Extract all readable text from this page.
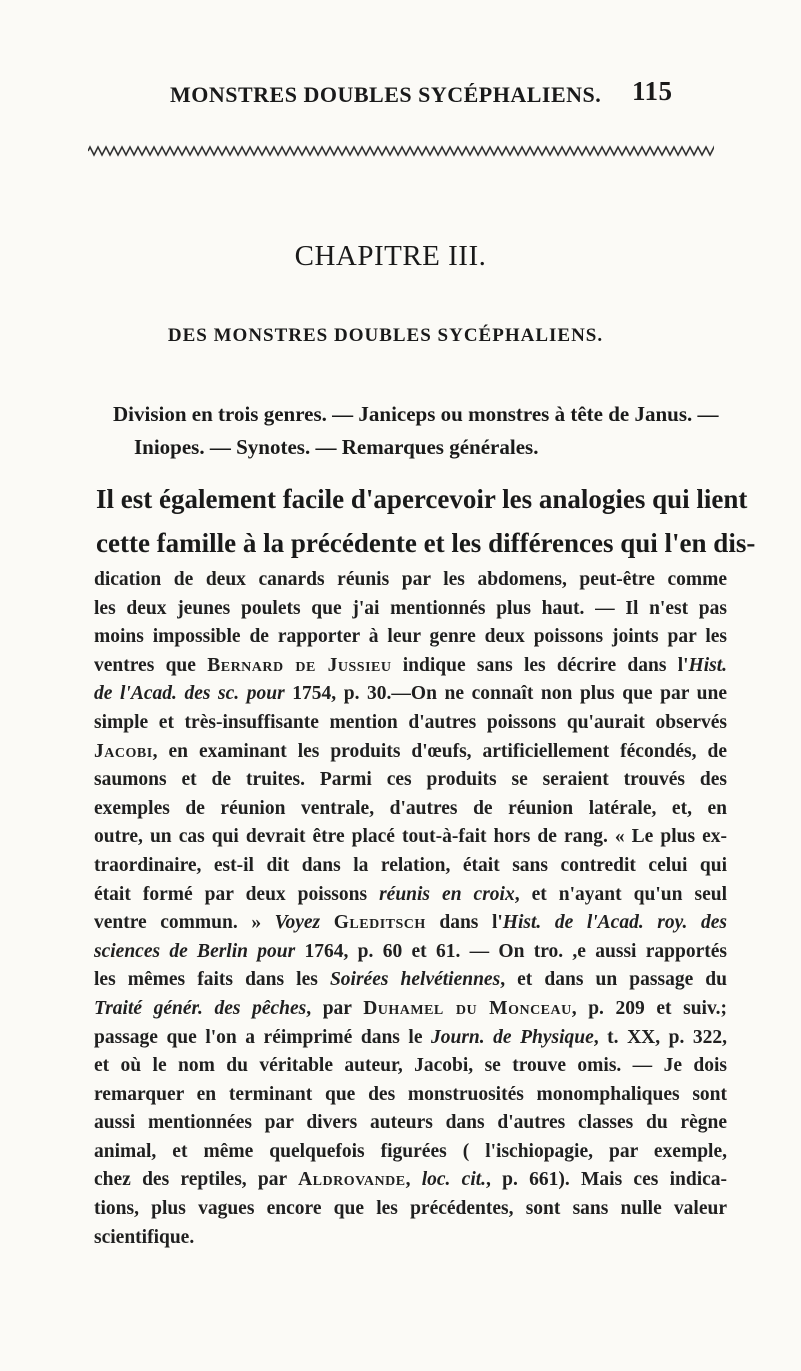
MONSTRES DOUBLES SYCÉPHALIENS. 115
CHAPITRE III.
DES MONSTRES DOUBLES SYCÉPHALIENS.
Division en trois genres. — Janiceps ou monstres à tête de Janus. —
Iniopes. — Synotes. — Remarques générales.
Il est également facile d'apercevoir les analogies qui lient
cette famille à la précédente et les différences qui l'en dis-
dication de deux canards réunis par les abdomens, peut-être comme
les deux jeunes poulets que j'ai mentionnés plus haut. — Il n'est pas
moins impossible de rapporter à leur genre deux poissons joints par les
ventres que Bernard de Jussieu indique sans les décrire dans l'Hist.
de l'Acad. des sc. pour 1754, p. 30.—On ne connaît non plus que par une
simple et très-insuffisante mention d'autres poissons qu'aurait observés
Jacobi, en examinant les produits d'œufs, artificiellement fécondés, de
saumons et de truites. Parmi ces produits se seraient trouvés des
exemples de réunion ventrale, d'autres de réunion latérale, et, en
outre, un cas qui devrait être placé tout-à-fait hors de rang. « Le plus ex-
traordinaire, est-il dit dans la relation, était sans contredit celui qui
était formé par deux poissons réunis en croix, et n'ayant qu'un seul
ventre commun. » Voyez Gleditsch dans l'Hist. de l'Acad. roy. des
sciences de Berlin pour 1764, p. 60 et 61. — On tro. ,e aussi rapportés
les mêmes faits dans les Soirées helvétiennes, et dans un passage du
Traité génér. des pêches, par Duhamel du Monceau, p. 209 et suiv.;
passage que l'on a réimprimé dans le Journ. de Physique, t. XX, p. 322,
et où le nom du véritable auteur, Jacobi, se trouve omis. — Je dois
remarquer en terminant que des monstruosités monomphaliques sont
aussi mentionnées par divers auteurs dans d'autres classes du règne
animal, et même quelquefois figurées ( l'ischiopagie, par exemple,
chez des reptiles, par Aldrovande, loc. cit., p. 661). Mais ces indica-
tions, plus vagues encore que les précédentes, sont sans nulle valeur
scientifique.
